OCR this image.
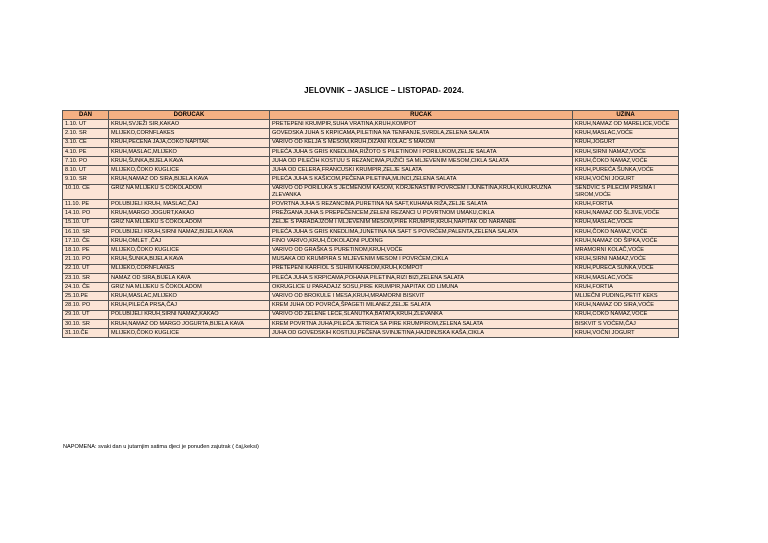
JELOVNIK – JASLICE – LISTOPAD- 2024.
DAN	DORUČAK	RUČAK	UŽINA
1.10. UT	KRUH,SVJEŽI SIR,KAKAO	PRETEPENI KRUMPIR,SUHA VRATINA,KRUH,KOMPOT	KRUH,NAMAZ OD MARELICE,VOĆE
2.10. SR	MLIJEKO,CORNFLAKES	GOVEDSKA JUHA S KRPICAMA,PILETINA NA TENFANJE,SVRDLA,ZELENA SALATA	KRUH,MASLAC,VOĆE
3.10. ČE	KRUH,PEČENA JAJA,ČOKO NAPITAK	VARIVO OD KELJA S MESOM,KRUH,DIZANI KOLAČ S MAKOM	KRUH,JOGURT
4.10. PE	KRUH,MASLAC,MLIJEKO	PILEĆA JUHA S GRIS KNEDLIMA,RIŽOTO S PILETINOM I PORILUKOM,ZELJE SALATA	KRUH,SIRNI NAMAZ,VOĆE
7.10. PO	KRUH,ŠUNKA,BIJELA KAVA	JUHA OD PILEĆIH KOSTIJU S REZANCIMA,PUŽIĆI SA MLJEVENIM MESOM,CIKLA SALATA	KRUH,ČOKO NAMAZ,VOĆE
8.10. UT	MLIJEKO,ČOKO KUGLICE	JUHA OD CELERA,FRANCUSKI KRUMPIR,ZELJE SALATA	KRUH,PUREĆA ŠUNKA,VOĆE
9.10. SR	KRUH,NAMAZ OD SIRA,BIJELA KAVA	PILEĆA JUHA S KAŠICOM,PEČENA PILETINA,MLINCI,ZELENA SALATA	KRUH,VOĆNI JOGURT
10.10. ČE	GRIZ NA MLIJEKU S ČOKOLADOM	VARIVO OD PORILUKA S JEČMENOM KAŠOM, KORJENASTIM POVRĆEM I JUNETINA,KRUH,KUKURUZNA ZLEVANKA	SENDVIČ S PILEĆIM PRSIMA I SIROM,VOĆE
11.10. PE	POLUBIJELI KRUH, MASLAC,ČAJ	POVRTNA JUHA S REZANCIMA,PURETINA NA SAFT,KUHANA RIŽA,ZELJE SALATA	KRUH,FORTIA
14.10. PO	KRUH,MARGO JOGURT,KAKAO	PREŽGANA JUHA S PREPEČENCEM,ZELENI REZANCI U POVRTNOM UMAKU,CIKLA	KRUH,NAMAZ OD ŠLJIVE,VOĆE
15.10. UT	GRIZ NA MLIJEKU S ČOKOLADOM	ZELJE S PARADAJZOM I MLJEVENIM MESOM,PIRE KRUMPIR,KRUH,NAPITAK OD NARANĐE	KRUH,MASLAC,VOĆE
16.10. SR	POLUBIJELI KRUH,SIRNI NAMAZ,BIJELA KAVA	PILEĆA JUHA S GRIS KNEDLIMA,JUNETINA NA SAFT S POVRĆEM,PALENTA,ZELENA SALATA	KRUH,ČOKO NAMAZ,VOĆE
17.10. ČE	KRUH,OMLET ,ČAJ	FINO VARIVO,KRUH,ČOKOLADNI PUDING	KRUH,NAMAZ OD ŠIPKA,VOĆE
18.10. PE	MLIJEKO,ČOKO KUGLICE	VARIVO OD GRAŠKA S PURETINOM,KRUH,VOĆE	MRAMORNI KOLAČ,VOĆE
21.10. PO	KRUH,ŠUNKA,BIJELA KAVA	MUSAKA OD KRUMPIRA S MLJEVENIM MESOM I POVRĆEM,CIKLA	KRUH,SIRNI NAMAZ,VOĆE
22.10. UT	MLIJEKO,CORNFLAKES	PRETEPENI KARFIOL S SUHIM KAREOM,KRUH,KOMPOT	KRUH,PUREĆA ŠUNKA,VOĆE
23.10. SR	NAMAZ OD SIRA,BIJELA KAVA	PILEĆA JUHA S KRPICAMA,POHANA PILETINA,RIZI BIZI,ZELENA SALATA	KRUH,MASLAC,VOĆE
24.10. ČE	GRIZ NA MLIJEKU S ČOKOLADOM	OKRUGLICE U PARADAJZ SOSU,PIRE KRUMPIR,NAPITAK OD LIMUNA	KRUH,FORTIA
25.10.PE	KRUH,MASLAC,MLIJEKO	VARIVO OD BROKULE I MESA,KRUH,MRAMORNI BISKVIT	MLIJEČNI PUDING,PETIT KEKS
28.10. PO	KRUH,PILEĆA PRSA,ČAJ	KREM JUHA OD POVRĆA,ŠPAGETI MILANEZ,ZELJE SALATA	KRUH,NAMAZ OD SIRA,VOĆE
29.10. UT	POLUBIJELI KRUH,SIRNI NAMAZ,KAKAO	VARIVO OD ZELENE LEĆE,SLANUTKA,BATATA,KRUH,ZLEVANKA	KRUH,ČOKO NAMAZ,VOĆE
30.10. SR	KRUH,NAMAZ OD MARGO JOGURTA,BIJELA KAVA	KREM POVRTNA JUHA,PILEĆA JETRICA SA PIRE KRUMPIROM,ZELENA SALATA	BISKVIT S VOĆEM,ČAJ
31.10.ČE	MLIJEKO,ČOKO KUGLICE	JUHA OD GOVEDSKIH KOSTIJU,PEČENA SVINJETINA,HAJDINJSKA KAŠA,CIKLA	KRUH,VOĆNI JOGURT
NAPOMENA: svaki dan u jutarnjim satima djeci je ponuđen zajutrak ( čaj,keksi)
